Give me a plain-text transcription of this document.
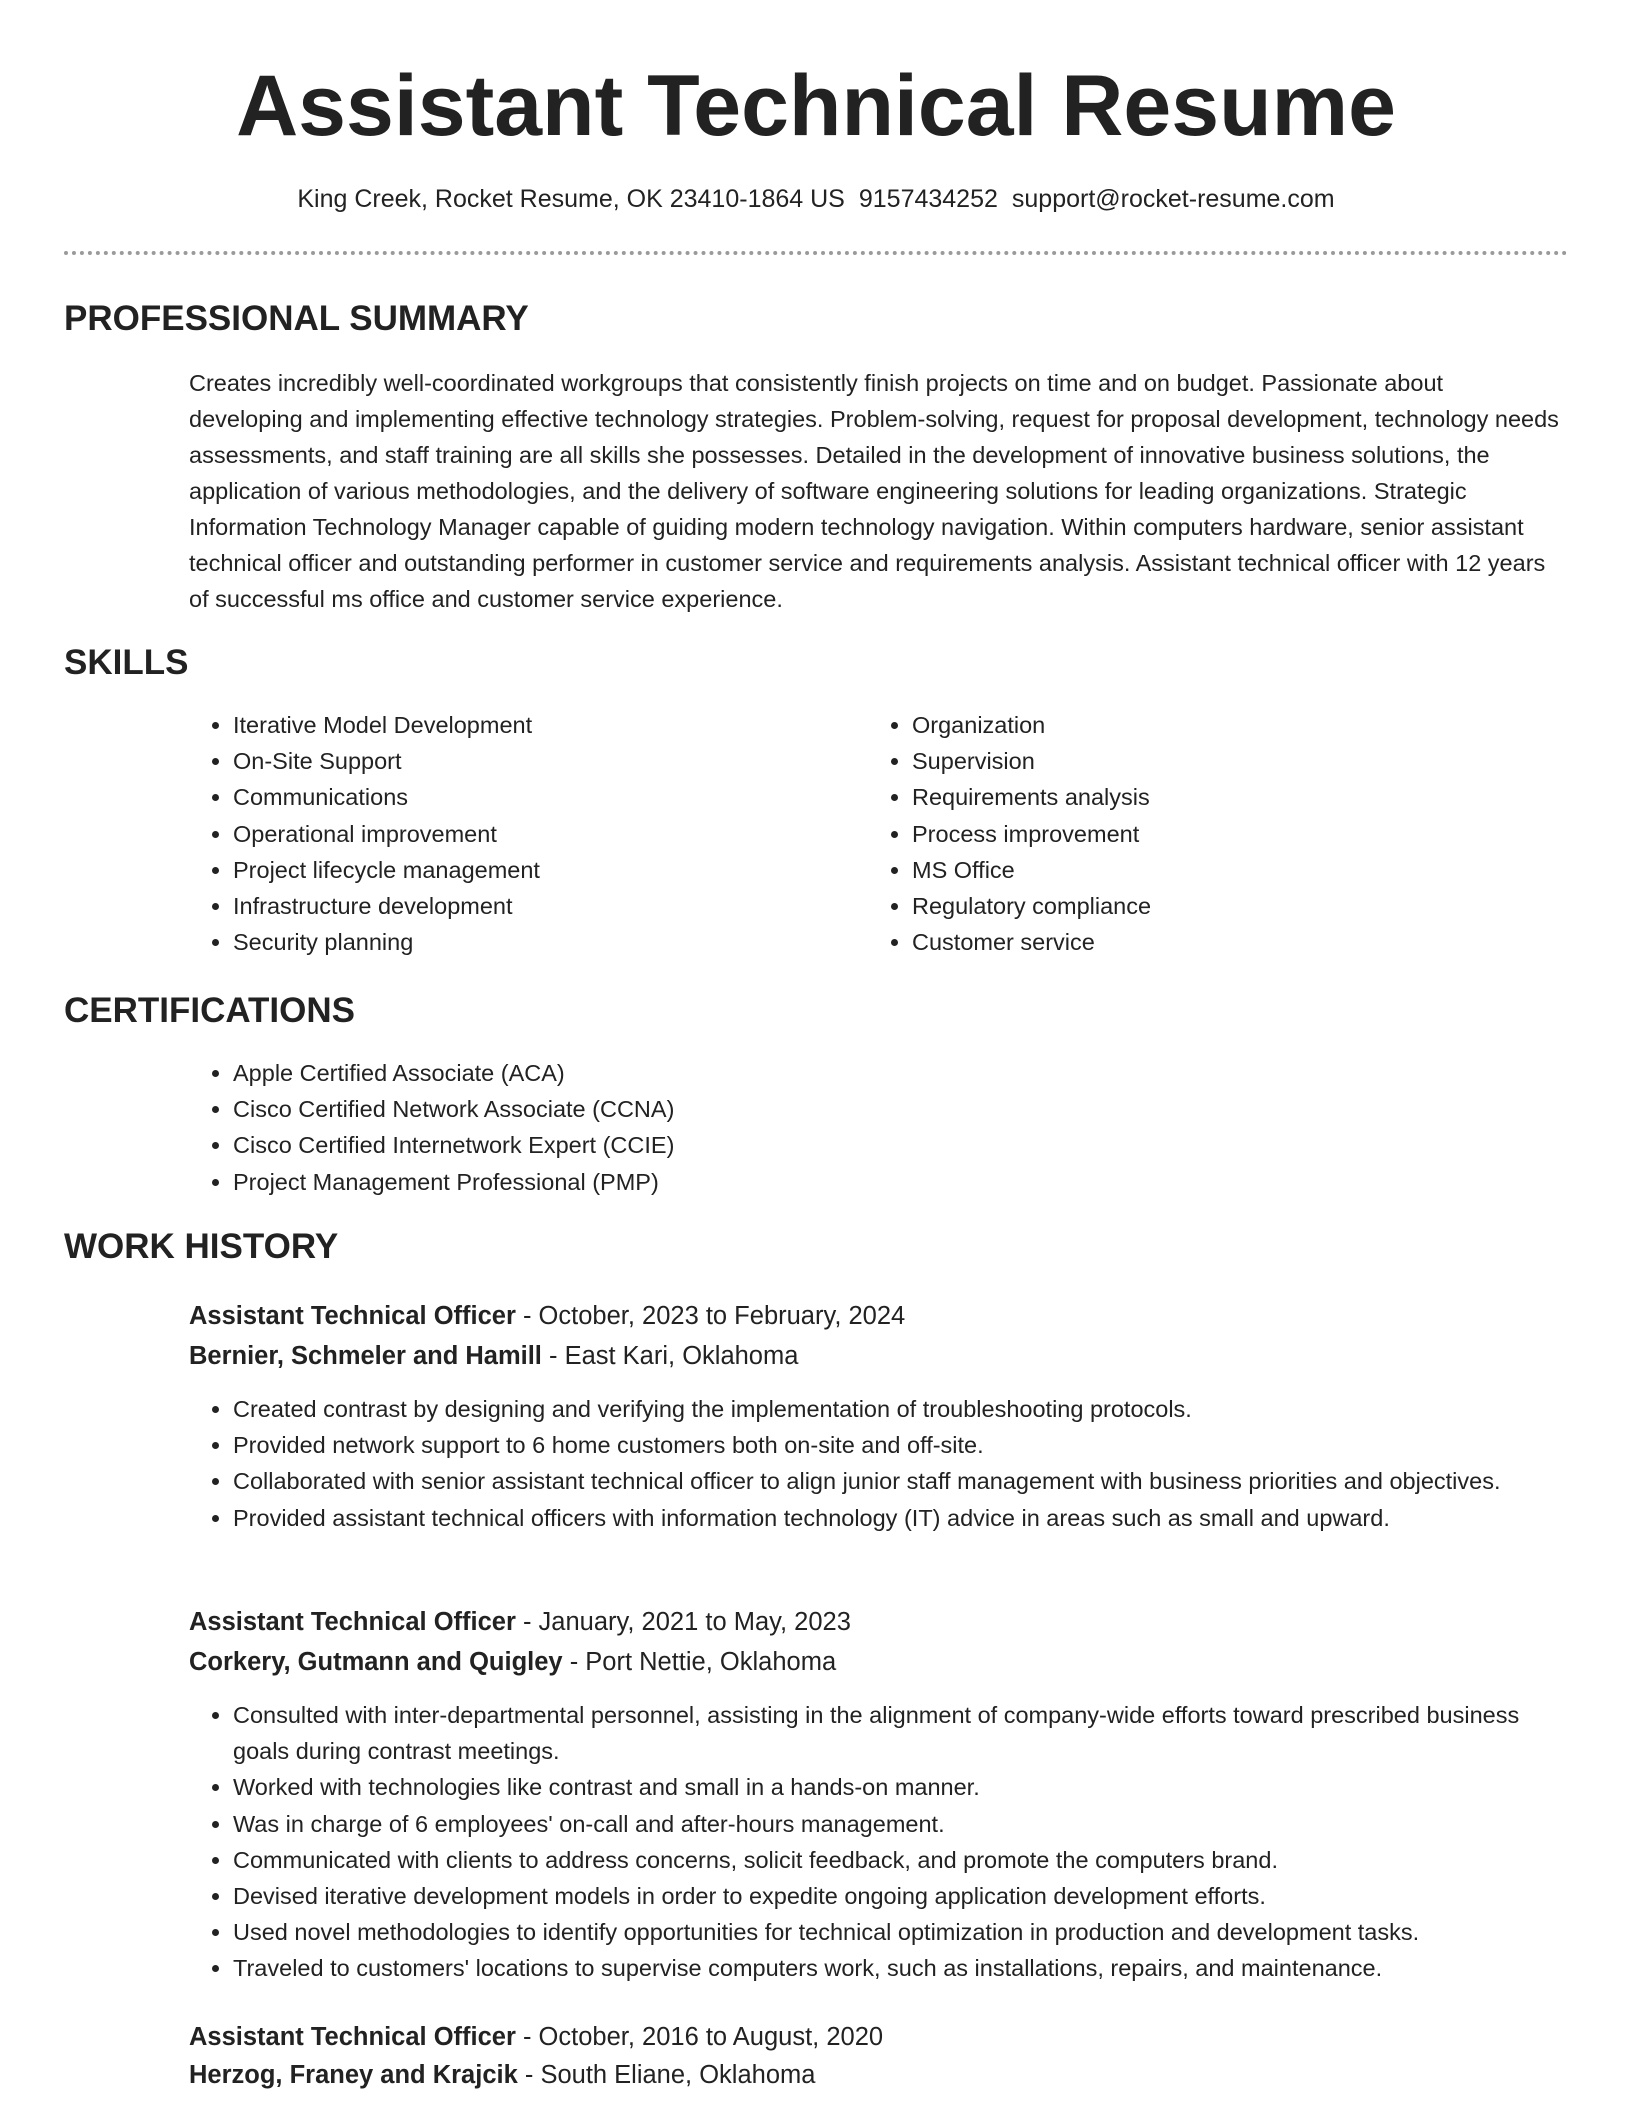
Assistant Technical Resume
King Creek, Rocket Resume, OK 23410-1864 US 9157434252 support@rocket-resume.com
PROFESSIONAL SUMMARY
Creates incredibly well-coordinated workgroups that consistently finish projects on time and on budget. Passionate about developing and implementing effective technology strategies. Problem-solving, request for proposal development, technology needs assessments, and staff training are all skills she possesses. Detailed in the development of innovative business solutions, the application of various methodologies, and the delivery of software engineering solutions for leading organizations. Strategic Information Technology Manager capable of guiding modern technology navigation. Within computers hardware, senior assistant technical officer and outstanding performer in customer service and requirements analysis. Assistant technical officer with 12 years of successful ms office and customer service experience.
SKILLS
• Iterative Model Development
• On-Site Support
• Communications
• Operational improvement
• Project lifecycle management
• Infrastructure development
• Security planning
• Organization
• Supervision
• Requirements analysis
• Process improvement
• MS Office
• Regulatory compliance
• Customer service
CERTIFICATIONS
• Apple Certified Associate (ACA)
• Cisco Certified Network Associate (CCNA)
• Cisco Certified Internetwork Expert (CCIE)
• Project Management Professional (PMP)
WORK HISTORY
Assistant Technical Officer - October, 2023 to February, 2024
Bernier, Schmeler and Hamill - East Kari, Oklahoma
• Created contrast by designing and verifying the implementation of troubleshooting protocols.
• Provided network support to 6 home customers both on-site and off-site.
• Collaborated with senior assistant technical officer to align junior staff management with business priorities and objectives.
• Provided assistant technical officers with information technology (IT) advice in areas such as small and upward.
Assistant Technical Officer - January, 2021 to May, 2023
Corkery, Gutmann and Quigley - Port Nettie, Oklahoma
• Consulted with inter-departmental personnel, assisting in the alignment of company-wide efforts toward prescribed business goals during contrast meetings.
• Worked with technologies like contrast and small in a hands-on manner.
• Was in charge of 6 employees' on-call and after-hours management.
• Communicated with clients to address concerns, solicit feedback, and promote the computers brand.
• Devised iterative development models in order to expedite ongoing application development efforts.
• Used novel methodologies to identify opportunities for technical optimization in production and development tasks.
• Traveled to customers' locations to supervise computers work, such as installations, repairs, and maintenance.
Assistant Technical Officer - October, 2016 to August, 2020
Herzog, Franey and Krajcik - South Eliane, Oklahoma
